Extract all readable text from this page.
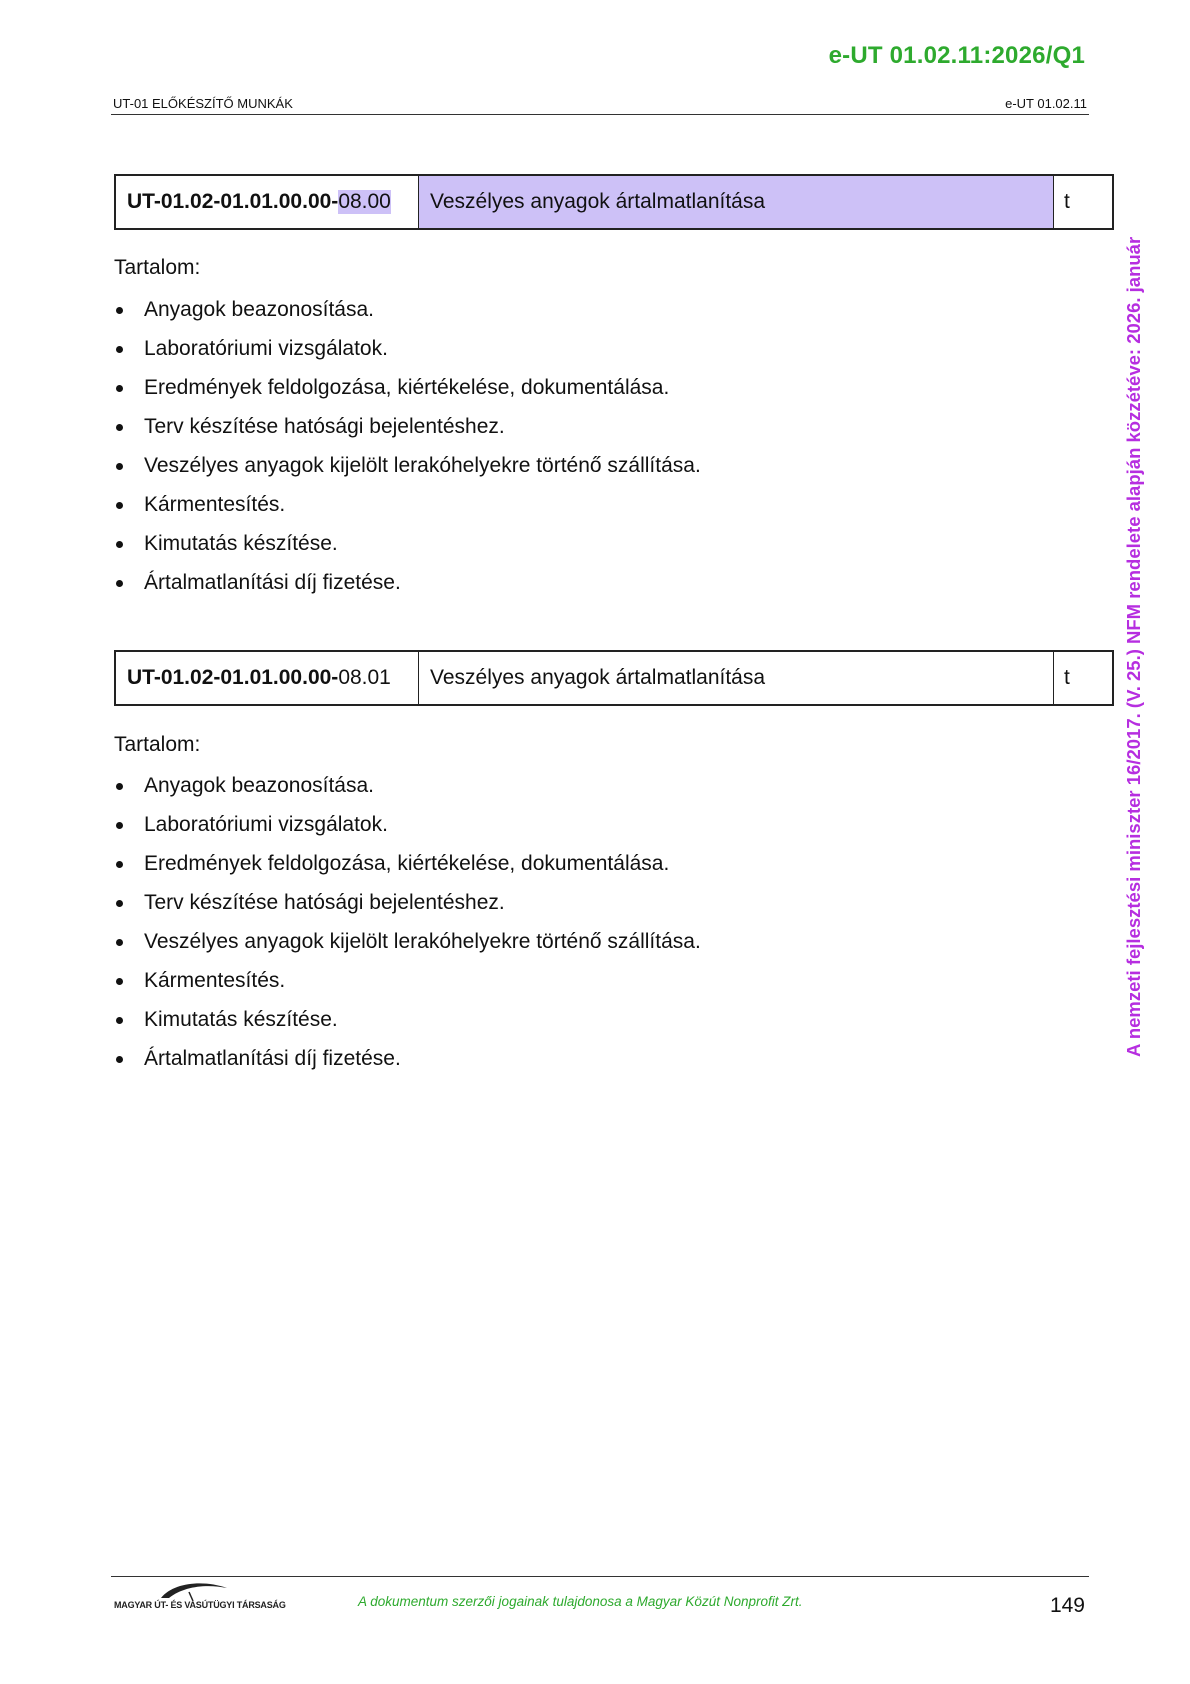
e-UT 01.02.11:2026/Q1
UT-01 ELŐKÉSZÍTŐ MUNKÁK	e-UT 01.02.11
A nemzeti fejlesztési miniszter 16/2017. (V. 25.) NFM rendelete alapján közzétéve: 2026. január
UT-01.02-01.01.00.00- 08.00	Veszélyes anyagok ártalmatlanítása	t
Tartalom:
Anyagok beazonosítása.
Laboratóriumi vizsgálatok.
Eredmények feldolgozása, kiértékelése, dokumentálása.
Terv készítése hatósági bejelentéshez.
Veszélyes anyagok kijelölt lerakóhelyekre történő szállítása.
Kármentesítés.
Kimutatás készítése.
Ártalmatlanítási díj fizetése.
UT-01.02-01.01.00.00- 08.01	Veszélyes anyagok ártalmatlanítása	t
Tartalom:
Anyagok beazonosítása.
Laboratóriumi vizsgálatok.
Eredmények feldolgozása, kiértékelése, dokumentálása.
Terv készítése hatósági bejelentéshez.
Veszélyes anyagok kijelölt lerakóhelyekre történő szállítása.
Kármentesítés.
Kimutatás készítése.
Ártalmatlanítási díj fizetése.
MAGYAR ÚT- ÉS VASÚTÜGYI TÁRSASÁG	A dokumentum szerzői jogainak tulajdonosa a Magyar Közút Nonprofit Zrt.	149
